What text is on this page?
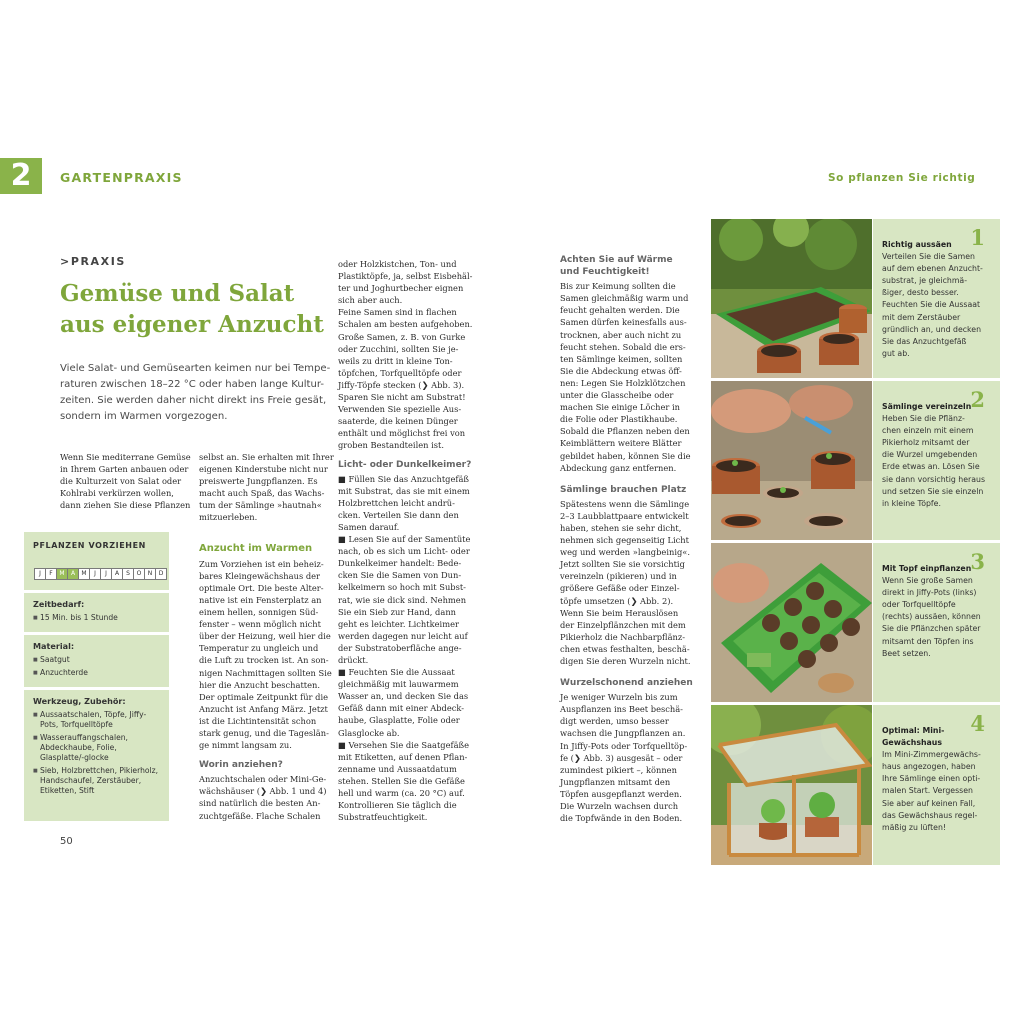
2	GARTENPRAXIS	So pflanzen Sie richtig
>PRAXIS
Gemüse und Salat
aus eigener Anzucht

Viele Salat- und Gemüsearten keimen nur bei Tempe-
raturen zwischen 18–22 °C oder haben lange Kultur-
zeiten. Sie werden daher nicht direkt ins Freie gesät,
sondern im Warmen vorgezogen.

Wenn Sie mediterrane Gemüse

in Ihrem Garten anbauen oder

die Kulturzeit von Salat oder

Kohlrabi verkürzen wollen,

dann ziehen Sie diese Pflanzen

PFLANZEN VORZIEHEN
J	F	M	A	M	J	J	A	S	O	N	D
Zeitbedarf:
■ 15 Min. bis 1 Stunde
Material:
■ Saatgut
■ Anzuchterde
Werkzeug, Zubehör:
■ Aussaatschalen, Töpfe, Jiffy-Pots, Torfquelltöpfe
■ Wasserauffangschalen, Abdeckhaube, Folie, Glasplatte/-glocke
■ Sieb, Holzbrettchen, Pikierholz, Handschaufel, Zerstäuber, Etiketten, Stift
50

selbst an. Sie erhalten mit Ihrer

eigenen Kinderstube nicht nur

preiswerte Jungpflanzen. Es

macht auch Spaß, das Wachs-

tum der Sämlinge »hautnah«

mitzuerleben.

Anzucht im Warmen

Zum Vorziehen ist ein beheiz-

bares Kleingewächshaus der

optimale Ort. Die beste Alter-

native ist ein Fensterplatz an

einem hellen, sonnigen Süd-

fenster – wenn möglich nicht

über der Heizung, weil hier die

Temperatur zu ungleich und

die Luft zu trocken ist. An son-

nigen Nachmittagen sollten Sie

hier die Anzucht beschatten.

Der optimale Zeitpunkt für die

Anzucht ist Anfang März. Jetzt

ist die Lichtintensität schon

stark genug, und die Tageslän-

ge nimmt langsam zu.

Worin anziehen?

Anzuchtschalen oder Mini-Ge-

wächshäuser (❯ Abb. 1 und 4)

sind natürlich die besten An-

zuchtgefäße. Flache Schalen

oder Holzkistchen, Ton- und

Plastiktöpfe, ja, selbst Eisbehäl-

ter und Joghurtbecher eignen

sich aber auch.

Feine Samen sind in flachen

Schalen am besten aufgehoben.

Große Samen, z. B. von Gurke

oder Zucchini, sollten Sie je-

weils zu dritt in kleine Ton-

töpfchen, Torfquelltöpfe oder

Jiffy-Töpfe stecken (❯ Abb. 3).

Sparen Sie nicht am Substrat!

Verwenden Sie spezielle Aus-

saaterde, die keinen Dünger

enthält und möglichst frei von

groben Bestandteilen ist.

Licht- oder Dunkelkeimer?

■ Füllen Sie das Anzuchtgefäß

mit Substrat, das sie mit einem

Holzbrettchen leicht andrü-

cken. Verteilen Sie dann den

Samen darauf.

■ Lesen Sie auf der Samentüte

nach, ob es sich um Licht- oder

Dunkelkeimer handelt: Bede-

cken Sie die Samen von Dun-

kelkeimern so hoch mit Subst-

rat, wie sie dick sind. Nehmen

Sie ein Sieb zur Hand, dann

geht es leichter. Lichtkeimer

werden dagegen nur leicht auf

der Substratoberfläche ange-

drückt.

■ Feuchten Sie die Aussaat

gleichmäßig mit lauwarmem

Wasser an, und decken Sie das

Gefäß dann mit einer Abdeck-

haube, Glasplatte, Folie oder

Glasglocke ab.

■ Versehen Sie die Saatgefäße

mit Etiketten, auf denen Pflan-

zenname und Aussaatdatum

stehen. Stellen Sie die Gefäße

hell und warm (ca. 20 °C) auf.

Kontrollieren Sie täglich die

Substratfeuchtigkeit.

Achten Sie auf Wärme
und Feuchtigkeit!

Bis zur Keimung sollten die

Samen gleichmäßig warm und

feucht gehalten werden. Die

Samen dürfen keinesfalls aus-

trocknen, aber auch nicht zu

feucht stehen. Sobald die ers-

ten Sämlinge keimen, sollten

Sie die Abdeckung etwas öff-

nen: Legen Sie Holzklötzchen

unter die Glasscheibe oder

machen Sie einige Löcher in

die Folie oder Plastikhaube.

Sobald die Pflanzen neben den

Keimblättern weitere Blätter

gebildet haben, können Sie die

Abdeckung ganz entfernen.

Sämlinge brauchen Platz

Spätestens wenn die Sämlinge

2–3 Laubblattpaare entwickelt

haben, stehen sie sehr dicht,

nehmen sich gegenseitig Licht

weg und werden »langbeinig«.

Jetzt sollten Sie sie vorsichtig

vereinzeln (pikieren) und in

größere Gefäße oder Einzel-

töpfe umsetzen (❯ Abb. 2).

Wenn Sie beim Herauslösen

der Einzelpflänzchen mit dem

Pikierholz die Nachbarpflänz-

chen etwas festhalten, beschä-

digen Sie deren Wurzeln nicht.

Wurzelschonend anziehen

Je weniger Wurzeln bis zum

Auspflanzen ins Beet beschä-

digt werden, umso besser

wachsen die Jungpflanzen an.

In Jiffy-Pots oder Torfquelltöp-

fe (❯ Abb. 3) ausgesät – oder

zumindest pikiert –, können

Jungpflanzen mitsamt den

Töpfen ausgepflanzt werden.

Die Wurzeln wachsen durch

die Topfwände in den Boden.

1
Richtig aussäen
Verteilen Sie die Samen
auf dem ebenen Anzucht-
substrat, je gleichmä-
ßiger, desto besser.
Feuchten Sie die Aussaat
mit dem Zerstäuber
gründlich an, und decken
Sie das Anzuchtgefäß
gut ab.
2
Sämlinge vereinzeln
Heben Sie die Pflänz-
chen einzeln mit einem
Pikierholz mitsamt der
die Wurzel umgebenden
Erde etwas an. Lösen Sie
sie dann vorsichtig heraus
und setzen Sie sie einzeln
in kleine Töpfe.
3
Mit Topf einpflanzen
Wenn Sie große Samen
direkt in Jiffy-Pots (links)
oder Torfquelltöpfe
(rechts) aussäen, können
Sie die Pflänzchen später
mitsamt den Töpfen ins
Beet setzen.
4
Optimal: Mini-
Gewächshaus
Im Mini-Zimmergewächs-
haus angezogen, haben
Ihre Sämlinge einen opti-
malen Start. Vergessen
Sie aber auf keinen Fall,
das Gewächshaus regel-
mäßig zu lüften!
